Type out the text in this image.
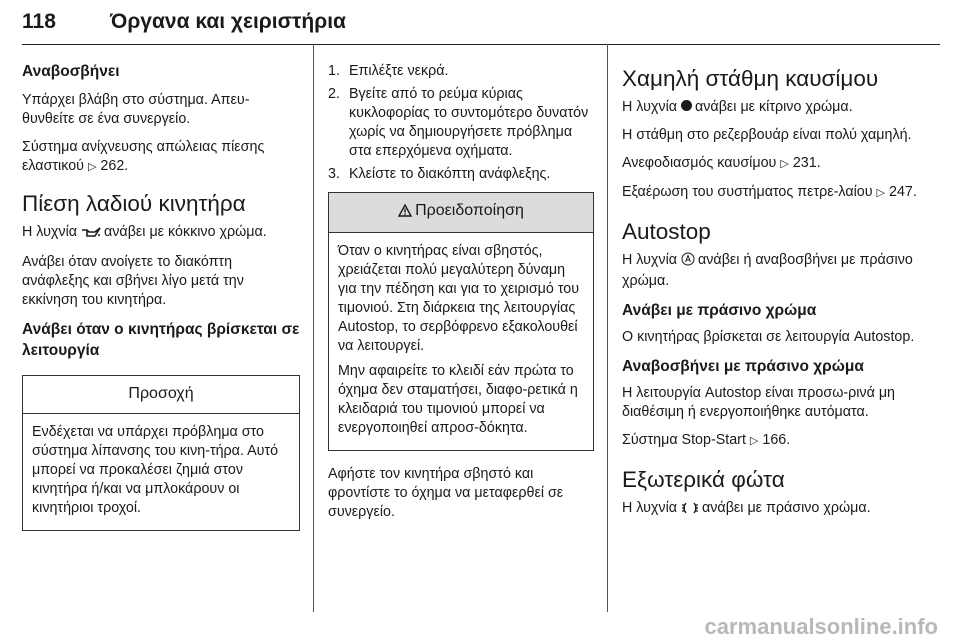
118	Όργανα και χειριστήρια
Αναβοσβήνει

Υπάρχει βλάβη στο σύστημα. Απευ-θυνθείτε σε ένα συνεργείο.

Σύστημα ανίχνευσης απώλειας πίεσης ελαστικού ▷ 262.

Πίεση λαδιού κινητήρα

Η λυχνία ανάβει με κόκκινο χρώμα.

Ανάβει όταν ανοίγετε το διακόπτη ανάφλεξης και σβήνει λίγο μετά την εκκίνηση του κινητήρα.

Ανάβει όταν ο κινητήρας βρίσκεται σε λειτουργία
Προσοχή

Ενδέχεται να υπάρχει πρόβλημα στο σύστημα λίπανσης του κινη-τήρα. Αυτό μπορεί να προκαλέσει ζημιά στον κινητήρα ή/και να μπλοκάρουν οι κινητήριοι τροχοί.

1. Επιλέξτε νεκρά.
2. Βγείτε από το ρεύμα κύριας κυκλοφορίας το συντομότερο δυνατόν χωρίς να δημιουργήσετε πρόβλημα στα επερχόμενα οχήματα.
3. Κλείστε το διακόπτη ανάφλεξης.
Προειδοποίηση

Όταν ο κινητήρας είναι σβηστός, χρειάζεται πολύ μεγαλύτερη δύναμη για την πέδηση και για το χειρισμό του τιμονιού. Στη διάρκεια της λειτουργίας Autostop, το σερβόφρενο εξακολουθεί να λειτουργεί.

Μην αφαιρείτε το κλειδί εάν πρώτα το όχημα δεν σταματήσει, διαφο-ρετικά η κλειδαριά του τιμονιού μπορεί να ενεργοποιηθεί απροσ-δόκητα.

Αφήστε τον κινητήρα σβηστό και φροντίστε το όχημα να μεταφερθεί σε συνεργείο.

Χαμηλή στάθμη καυσίμου

Η λυχνία ανάβει με κίτρινο χρώμα.

Η στάθμη στο ρεζερβουάρ είναι πολύ χαμηλή.

Ανεφοδιασμός καυσίμου ▷ 231.

Εξαέρωση του συστήματος πετρε-λαίου ▷ 247.

Autostop

Η λυχνία ανάβει ή αναβοσβήνει με πράσινο χρώμα.

Ανάβει με πράσινο χρώμα

Ο κινητήρας βρίσκεται σε λειτουργία Autostop.

Αναβοσβήνει με πράσινο χρώμα

Η λειτουργία Autostop είναι προσω-ρινά μη διαθέσιμη ή ενεργοποιήθηκε αυτόματα.

Σύστημα Stop-Start ▷ 166.

Εξωτερικά φώτα

Η λυχνία ανάβει με πράσινο χρώμα.

carmanualsonline.info
